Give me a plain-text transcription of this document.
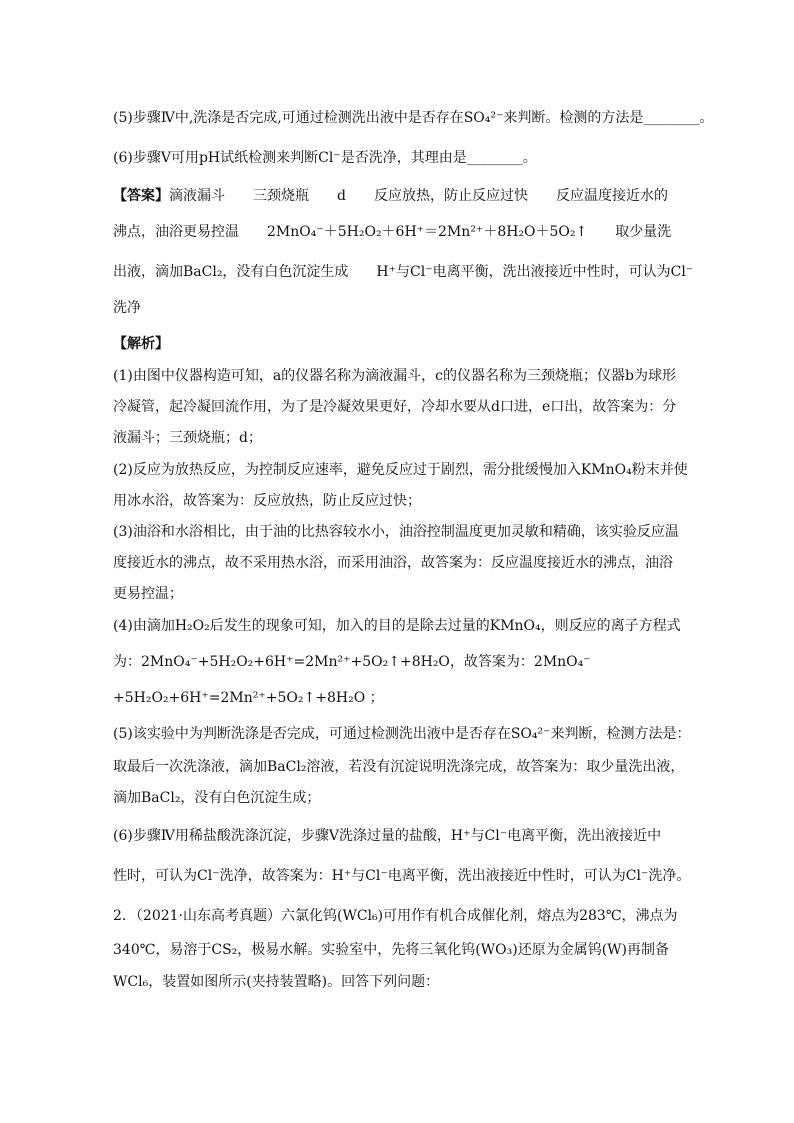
(5)步骤Ⅳ中,洗涤是否完成,可通过检测洗出液中是否存在SO₄²⁻来判断。检测的方法是________。
(6)步骤Ⅴ可用pH试纸检测来判断Cl⁻是否洗净，其理由是________。
【答案】滴液漏斗　　三颈烧瓶　　d　　反应放热，防止反应过快　　反应温度接近水的
沸点，油浴更易控温　　2MnO₄⁻＋5H₂O₂＋6H⁺＝2Mn²⁺＋8H₂O＋5O₂↑　　取少量洗
出液，滴加BaCl₂，没有白色沉淀生成　　H⁺与Cl⁻电离平衡，洗出液接近中性时，可认为Cl⁻
洗净
【解析】
(1)由图中仪器构造可知，a的仪器名称为滴液漏斗，c的仪器名称为三颈烧瓶；仪器b为球形
冷凝管，起冷凝回流作用，为了是冷凝效果更好，冷却水要从d口进，e口出，故答案为：分
液漏斗；三颈烧瓶；d；
(2)反应为放热反应，为控制反应速率，避免反应过于剧烈，需分批缓慢加入KMnO₄粉末并使
用冰水浴，故答案为：反应放热，防止反应过快；
(3)油浴和水浴相比，由于油的比热容较水小，油浴控制温度更加灵敏和精确，该实验反应温
度接近水的沸点，故不采用热水浴，而采用油浴，故答案为：反应温度接近水的沸点，油浴
更易控温；
(4)由滴加H₂O₂后发生的现象可知，加入的目的是除去过量的KMnO₄，则反应的离子方程式
为：2MnO₄⁻+5H₂O₂+6H⁺=2Mn²⁺+5O₂↑+8H₂O，故答案为：2MnO₄⁻
+5H₂O₂+6H⁺=2Mn²⁺+5O₂↑+8H₂O ；
(5)该实验中为判断洗涤是否完成，可通过检测洗出液中是否存在SO₄²⁻来判断，检测方法是：
取最后一次洗涤液，滴加BaCl₂溶液，若没有沉淀说明洗涤完成，故答案为：取少量洗出液，
滴加BaCl₂，没有白色沉淀生成；
(6)步骤Ⅳ用稀盐酸洗涤沉淀，步骤Ⅴ洗涤过量的盐酸，H⁺与Cl⁻电离平衡，洗出液接近中
性时，可认为Cl⁻洗净，故答案为：H⁺与Cl⁻电离平衡，洗出液接近中性时，可认为Cl⁻洗净。
2．（2021·山东高考真题）六氯化钨(WCl₆)可用作有机合成催化剂，熔点为283℃，沸点为
340℃，易溶于CS₂，极易水解。实验室中，先将三氧化钨(WO₃)还原为金属钨(W)再制备
WCl₆，装置如图所示(夹持装置略)。回答下列问题：
